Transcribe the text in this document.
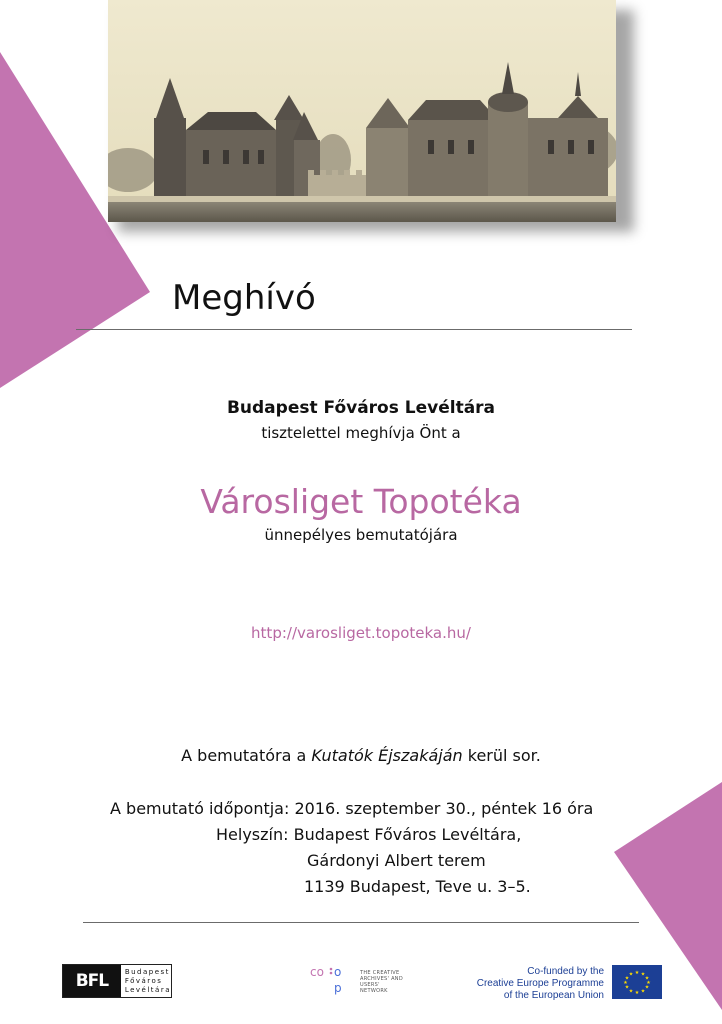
Meghívó
Budapest Főváros Levéltára
tisztelettel meghívja Önt a
Városliget Topotéka
ünnepélyes bemutatójára
http://varosliget.topoteka.hu/
A bemutatóra a Kutatók Éjszakáján kerül sor.
A bemutató időpontja: 2016. szeptember 30., péntek 16 óra
Helyszín: Budapest Főváros Levéltára,
Gárdonyi Albert terem
1139 Budapest, Teve u. 3–5.
BFL	Budapest
Főváros
Levéltára
co o
p
THE CREATIVE
ARCHIVES' AND USERS'
NETWORK
Co-funded by the
Creative Europe Programme
of the European Union
★ ★
★
★
★
★
★
★
★
★
★
★
